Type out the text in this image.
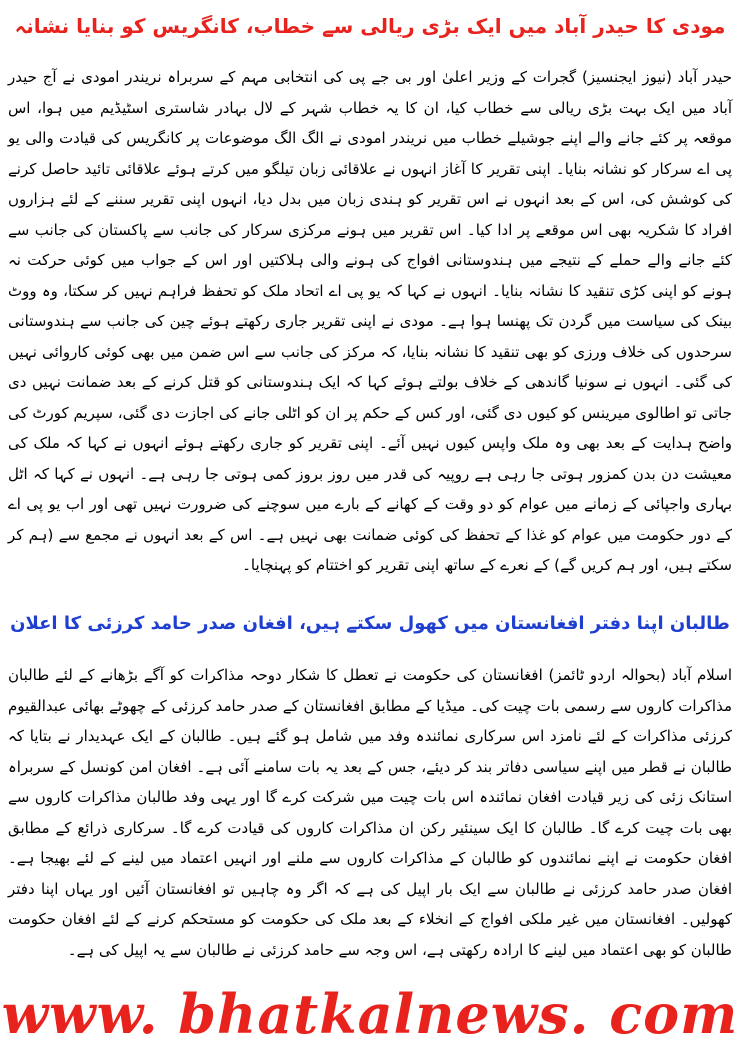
مودی کا حیدر آباد میں ایک بڑی ریالی سے خطاب، کانگریس کو بنایا نشانہ

حیدر آباد (نیوز ایجنسیز) گجرات کے وزیر اعلیٰ اور بی جے پی کی انتخابی مہم کے سربراہ نریندر امودی نے آج حیدر آباد میں ایک بہت بڑی ریالی سے خطاب کیا، ان کا یہ خطاب شہر کے لال بہادر شاستری اسٹیڈیم میں ہوا، اس موقعہ پر کئے جانے والے اپنے جوشیلے خطاب میں نریندر امودی نے الگ الگ موضوعات پر کانگریس کی قیادت والی یو پی اے سرکار کو نشانہ بنایا۔ اپنی تقریر کا آغاز انہوں نے علاقائی زبان تیلگو میں کرتے ہوئے علاقائی تائید حاصل کرنے کی کوشش کی، اس کے بعد انہوں نے اس تقریر کو ہندی زبان میں بدل دیا، انہوں اپنی تقریر سننے کے لئے ہزاروں افراد کا شکریہ بھی اس موقعے پر ادا کیا۔ اس تقریر میں ہونے مرکزی سرکار کی جانب سے پاکستان کی جانب سے کئے جانے والے حملے کے نتیجے میں ہندوستانی افواج کی ہونے والی ہلاکتیں اور اس کے جواب میں کوئی حرکت نہ ہونے کو اپنی کڑی تنقید کا نشانہ بنایا۔ انہوں نے کہا کہ یو پی اے اتحاد ملک کو تحفظ فراہم نہیں کر سکتا، وہ ووٹ بینک کی سیاست میں گردن تک پھنسا ہوا ہے۔ مودی نے اپنی تقریر جاری رکھتے ہوئے چین کی جانب سے ہندوستانی سرحدوں کی خلاف ورزی کو بھی تنقید کا نشانہ بنایا، کہ مرکز کی جانب سے اس ضمن میں بھی کوئی کاروائی نہیں کی گئی۔ انہوں نے سونیا گاندھی کے خلاف بولتے ہوئے کہا کہ ایک ہندوستانی کو قتل کرنے کے بعد ضمانت نہیں دی جاتی تو اطالوی میرینس کو کیوں دی گئی، اور کس کے حکم پر ان کو اٹلی جانے کی اجازت دی گئی، سپریم کورٹ کی واضح ہدایت کے بعد بھی وہ ملک واپس کیوں نہیں آئے۔ اپنی تقریر کو جاری رکھتے ہوئے انہوں نے کہا کہ ملک کی معیشت دن بدن کمزور ہوتی جا رہی ہے روپیہ کی قدر میں روز بروز کمی ہوتی جا رہی ہے۔ انہوں نے کہا کہ اٹل بہاری واجپائی کے زمانے میں عوام کو دو وقت کے کھانے کے بارے میں سوچنے کی ضرورت نہیں تھی اور اب یو پی اے کے دور حکومت میں عوام کو غذا کے تحفظ کی کوئی ضمانت بھی نہیں ہے۔ اس کے بعد انہوں نے مجمع سے (ہم کر سکتے ہیں، اور ہم کریں گے) کے نعرے کے ساتھ اپنی تقریر کو اختتام کو پہنچایا۔

طالبان اپنا دفتر افغانستان میں کھول سکتے ہیں، افغان صدر حامد کرزئی کا اعلان

اسلام آباد (بحوالہ اردو ٹائمز) افغانستان کی حکومت نے تعطل کا شکار دوحہ مذاکرات کو آگے بڑھانے کے لئے طالبان مذاکرات کاروں سے رسمی بات چیت کی۔ میڈیا کے مطابق افغانستان کے صدر حامد کرزئی کے چھوٹے بھائی عبدالقیوم کرزئی مذاکرات کے لئے نامزد اس سرکاری نمائندہ وفد میں شامل ہو گئے ہیں۔ طالبان کے ایک عہدیدار نے بتایا کہ طالبان نے قطر میں اپنے سیاسی دفاتر بند کر دیئے، جس کے بعد یہ بات سامنے آئی ہے۔ افغان امن کونسل کے سربراہ استانک زئی کی زیر قیادت افغان نمائندہ اس بات چیت میں شرکت کرے گا اور یہی وفد طالبان مذاکرات کاروں سے بھی بات چیت کرے گا۔ طالبان کا ایک سینئیر رکن ان مذاکرات کاروں کی قیادت کرے گا۔ سرکاری ذرائع کے مطابق افغان حکومت نے اپنے نمائندوں کو طالبان کے مذاکرات کاروں سے ملنے اور انہیں اعتماد میں لینے کے لئے بھیجا ہے۔ افغان صدر حامد کرزئی نے طالبان سے ایک بار اپیل کی ہے کہ اگر وہ چاہیں تو افغانستان آئیں اور یہاں اپنا دفتر کھولیں۔ افغانستان میں غیر ملکی افواج کے انخلاء کے بعد ملک کی حکومت کو مستحکم کرنے کے لئے افغان حکومت طالبان کو بھی اعتماد میں لینے کا ارادہ رکھتی ہے، اس وجہ سے حامد کرزئی نے طالبان سے یہ اپیل کی ہے۔

www. bhatkalnews. com
